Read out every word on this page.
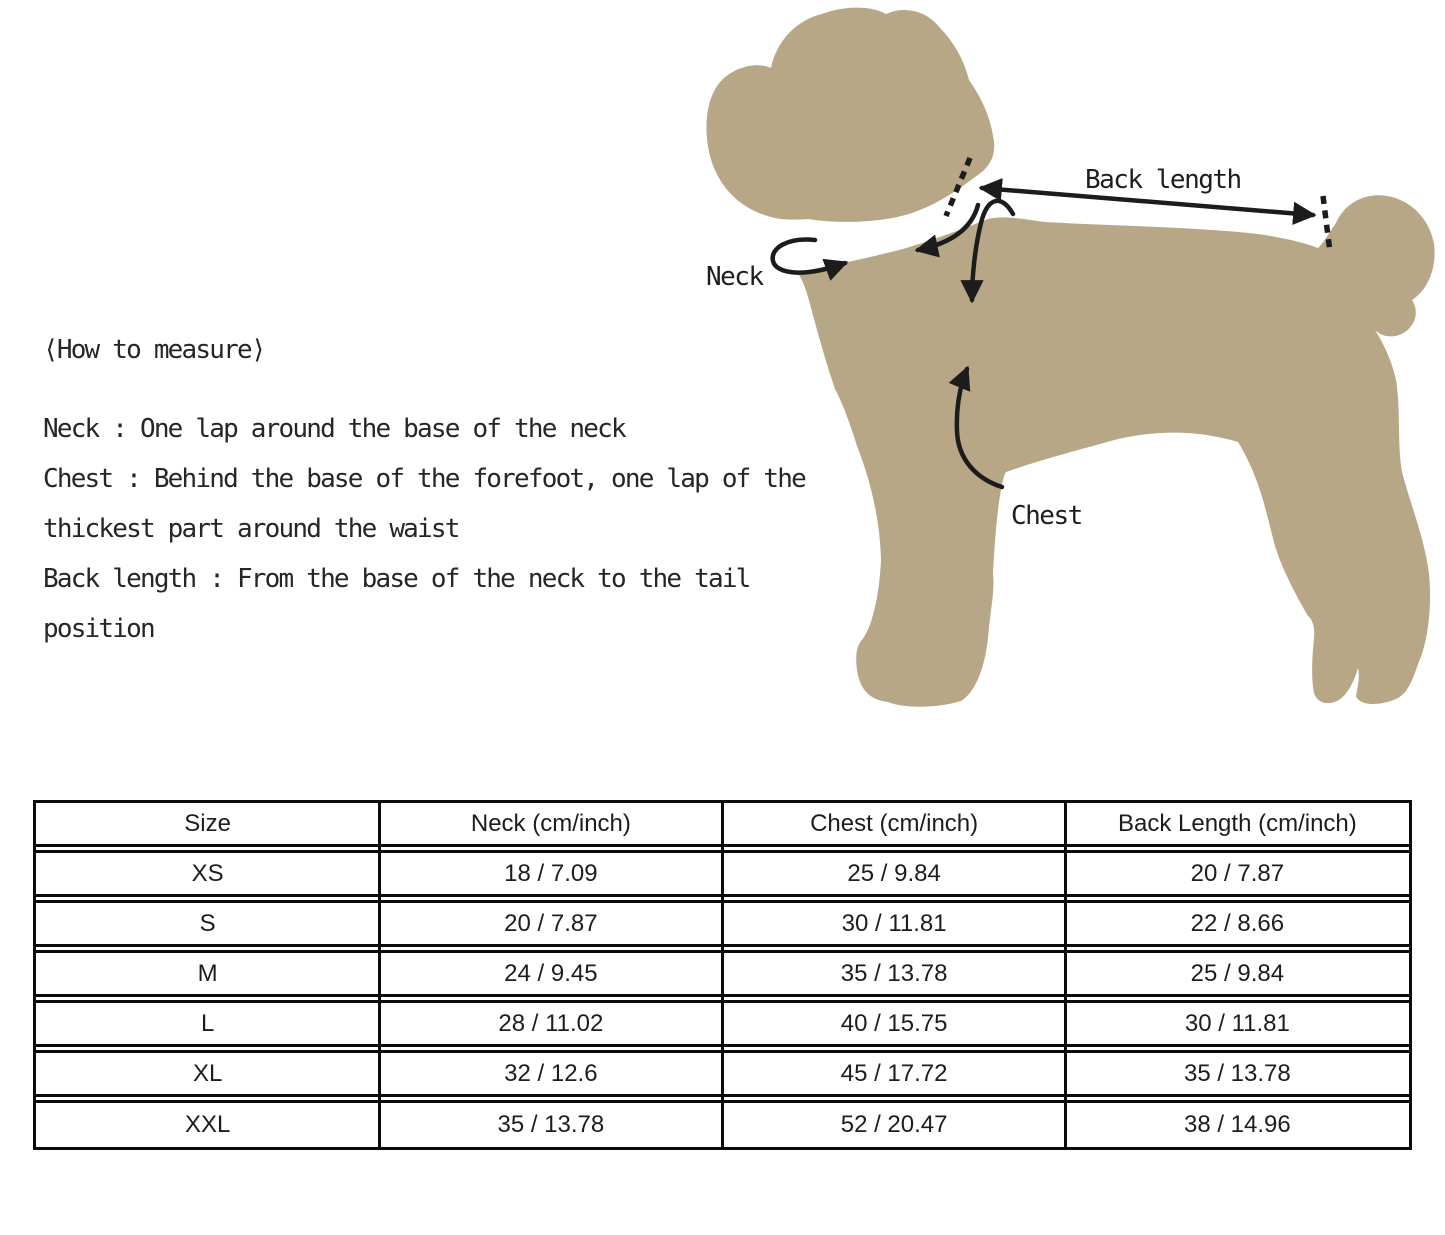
Back length
Neck
Chest
⟨How to measure⟩
Neck : One lap around the base of the neck
Chest : Behind the base of the forefoot, one lap of the
thickest part around the waist
Back length : From the base of the neck to the tail
position
Size	Neck (cm/inch)	Chest (cm/inch)	Back Length (cm/inch)
XS	18 / 7.09	25 / 9.84	20 / 7.87
S	20 / 7.87	30 / 11.81	22 / 8.66
M	24 / 9.45	35 / 13.78	25 / 9.84
L	28 / 11.02	40 / 15.75	30 / 11.81
XL	32 / 12.6	45 / 17.72	35 / 13.78
XXL	35 / 13.78	52 / 20.47	38 / 14.96
